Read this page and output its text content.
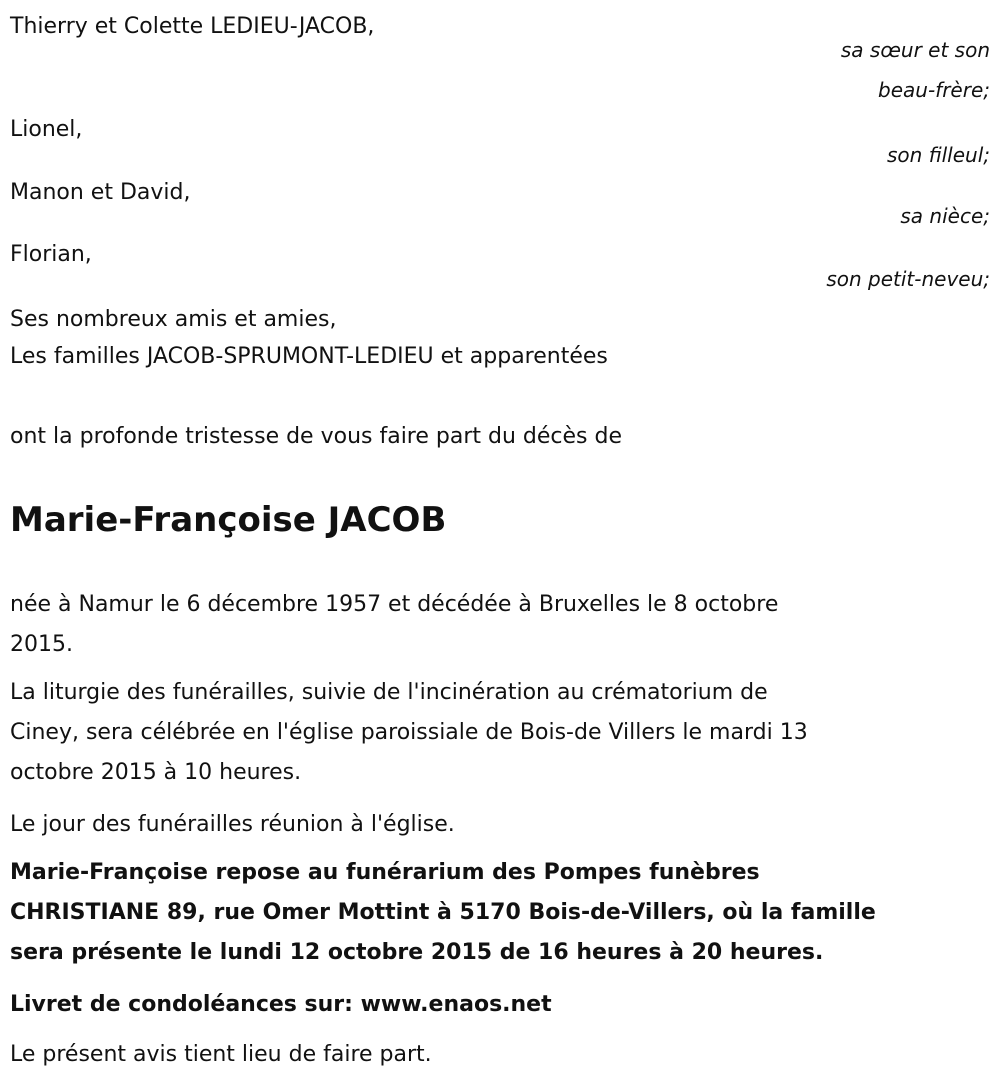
Thierry et Colette LEDIEU-JACOB,
sa sœur et son
beau-frère;
Lionel,
son filleul;
Manon et David,
sa nièce;
Florian,
son petit-neveu;
Ses nombreux amis et amies,
Les familles JACOB-SPRUMONT-LEDIEU et apparentées
ont la profonde tristesse de vous faire part du décès de
Marie-Françoise JACOB
née à Namur le 6 décembre 1957 et décédée à Bruxelles le 8 octobre
2015.
La liturgie des funérailles, suivie de l'incinération au crématorium de
Ciney, sera célébrée en l'église paroissiale de Bois-de Villers le mardi 13
octobre 2015 à 10 heures.
Le jour des funérailles réunion à l'église.
Marie-Françoise repose au funérarium des Pompes funèbres
CHRISTIANE 89, rue Omer Mottint à 5170 Bois-de-Villers, où la famille
sera présente le lundi 12 octobre 2015 de 16 heures à 20 heures.
Livret de condoléances sur: www.enaos.net
Le présent avis tient lieu de faire part.
